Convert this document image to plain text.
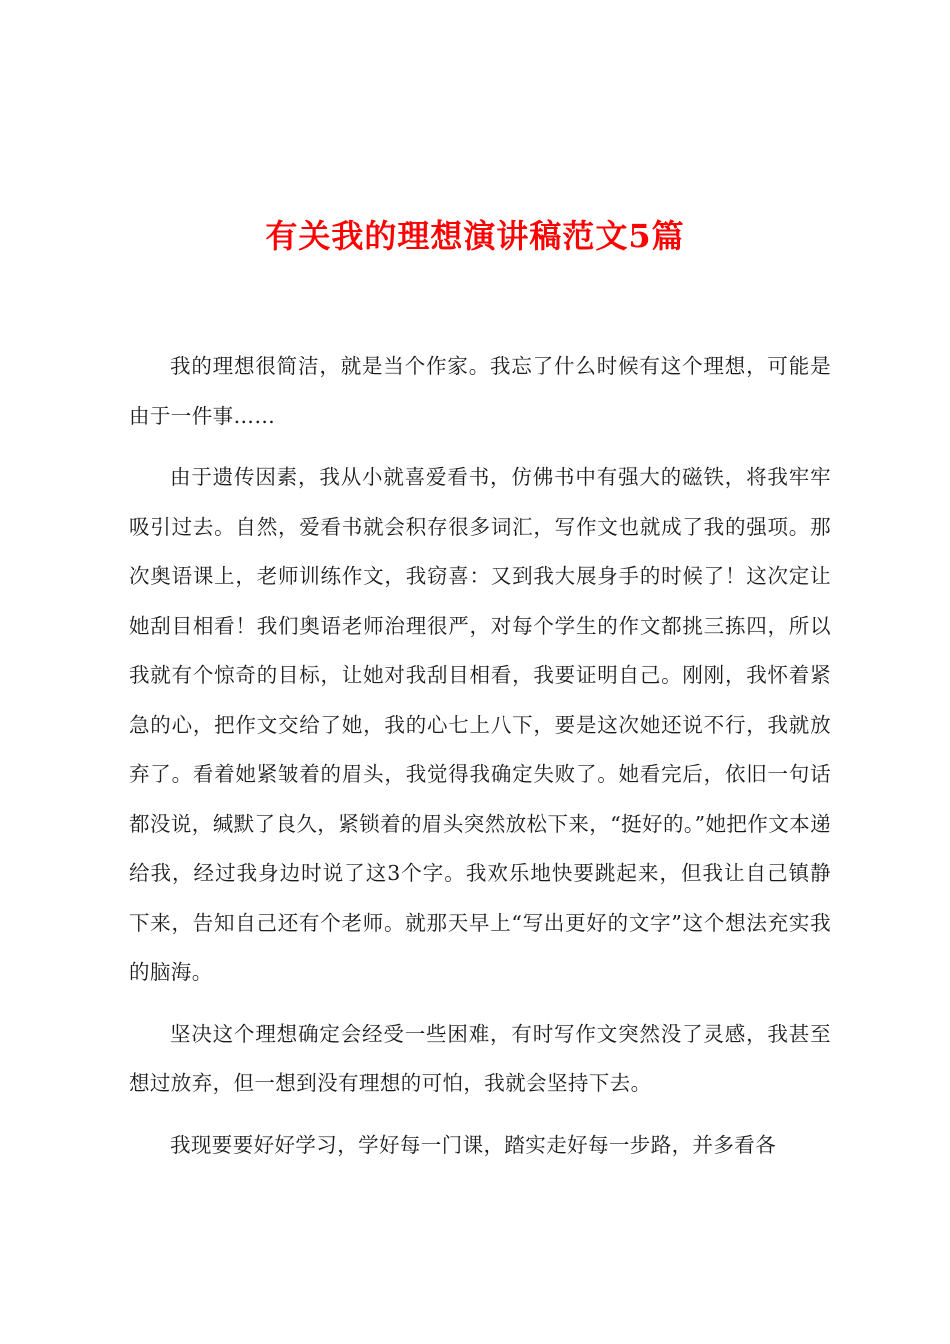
有关我的理想演讲稿范文5篇

我的理想很简洁，就是当个作家。我忘了什么时候有这个理想，可能是由于一件事……

由于遗传因素，我从小就喜爱看书，仿佛书中有强大的磁铁，将我牢牢吸引过去。自然，爱看书就会积存很多词汇，写作文也就成了我的强项。那次奥语课上，老师训练作文，我窃喜：又到我大展身手的时候了！这次定让她刮目相看！我们奥语老师治理很严，对每个学生的作文都挑三拣四，所以我就有个惊奇的目标，让她对我刮目相看，我要证明自己。刚刚，我怀着紧急的心，把作文交给了她，我的心七上八下，要是这次她还说不行，我就放弃了。看着她紧皱着的眉头，我觉得我确定失败了。她看完后，依旧一句话都没说，缄默了良久，紧锁着的眉头突然放松下来，“挺好的。”她把作文本递给我，经过我身边时说了这3个字。我欢乐地快要跳起来，但我让自己镇静下来，告知自己还有个老师。就那天早上“写出更好的文字”这个想法充实我的脑海。

坚决这个理想确定会经受一些困难，有时写作文突然没了灵感，我甚至想过放弃，但一想到没有理想的可怕，我就会坚持下去。

我现要要好好学习，学好每一门课，踏实走好每一步路，并多看各
